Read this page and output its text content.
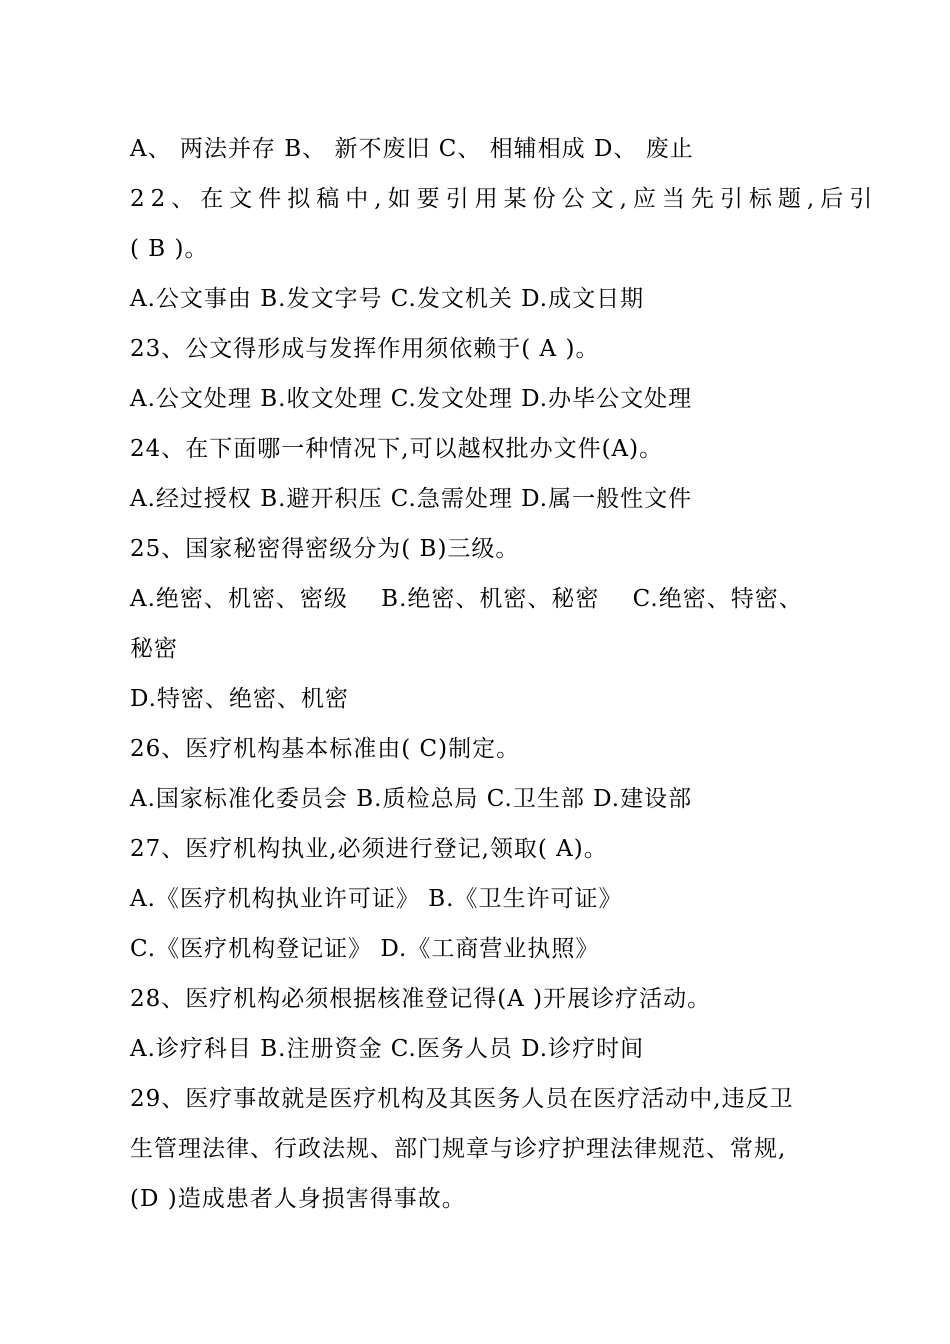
A、 两法并存 B、 新不废旧 C、 相辅相成 D、 废止
22、在文件拟稿中,如要引用某份公文,应当先引标题,后引
( B )。
A.公文事由 B.发文字号 C.发文机关 D.成文日期
23、公文得形成与发挥作用须依赖于( A )。
A.公文处理 B.收文处理 C.发文处理 D.办毕公文处理
24、在下面哪一种情况下,可以越权批办文件(A)。
A.经过授权 B.避开积压 C.急需处理 D.属一般性文件
25、国家秘密得密级分为( B)三级。
A.绝密、机密、密级    B.绝密、机密、秘密    C.绝密、特密、
秘密
D.特密、绝密、机密
26、医疗机构基本标准由( C)制定。
A.国家标准化委员会 B.质检总局 C.卫生部 D.建设部
27、医疗机构执业,必须进行登记,领取( A)。
A.《医疗机构执业许可证》 B.《卫生许可证》
C.《医疗机构登记证》 D.《工商营业执照》
28、医疗机构必须根据核准登记得(A )开展诊疗活动。
A.诊疗科目 B.注册资金 C.医务人员 D.诊疗时间
29、医疗事故就是医疗机构及其医务人员在医疗活动中,违反卫
生管理法律、行政法规、部门规章与诊疗护理法律规范、常规,
(D )造成患者人身损害得事故。
